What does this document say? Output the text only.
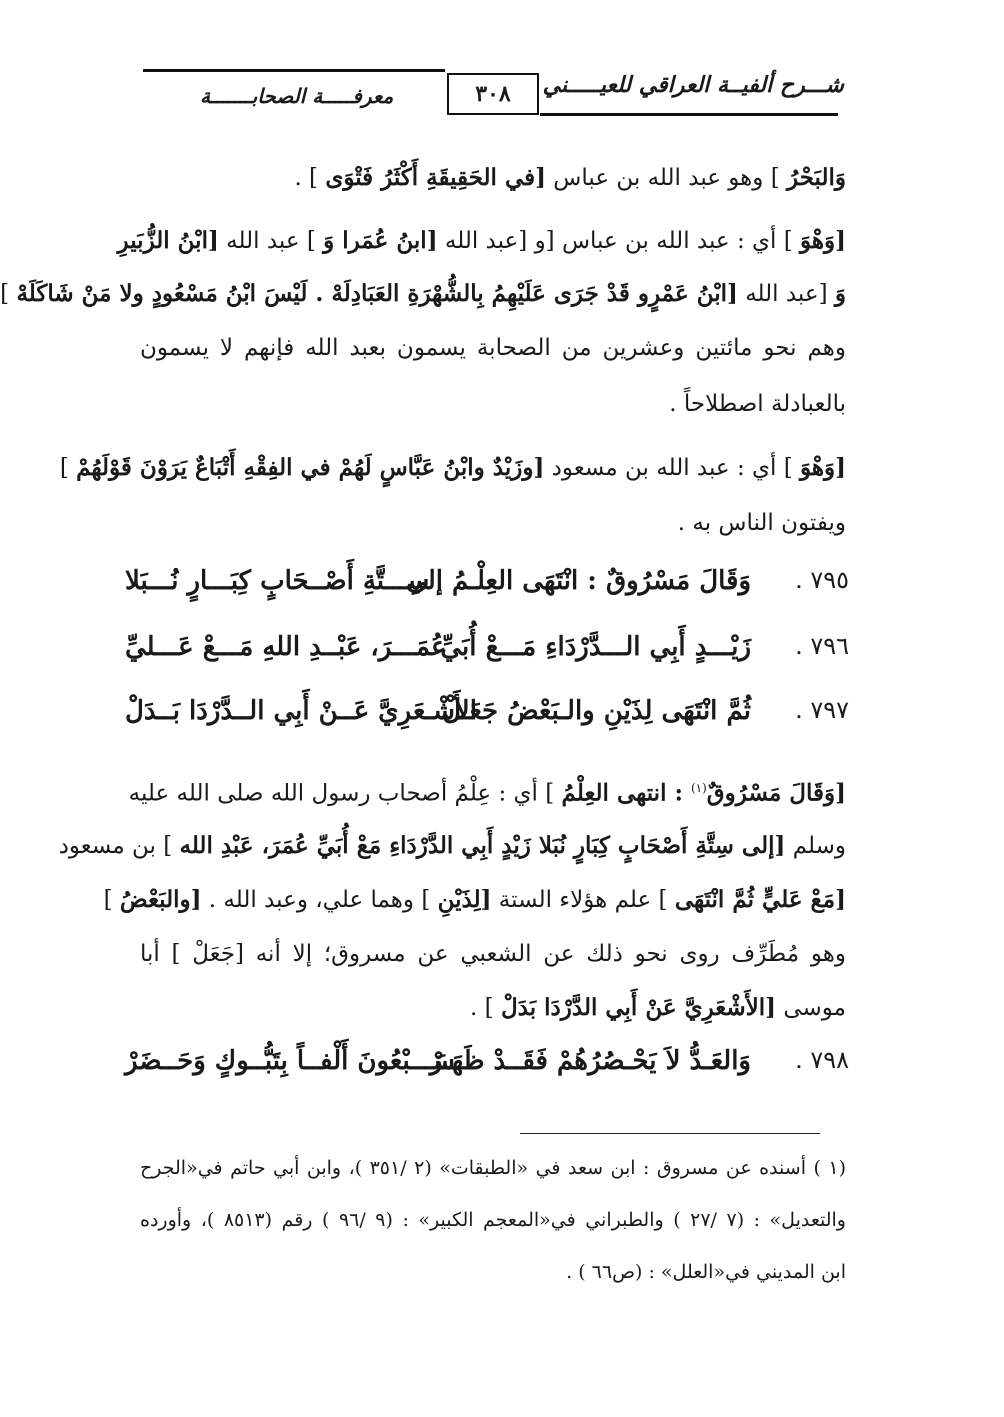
شـــرح ألفيــة العراقي للعيـــــني
٣٠٨
معرفـــــة الصحابـــــــة
وَالبَحْرُ ] وهو عبد الله بن عباس [في الحَقِيقَةِ أَكْثَرُ فَتْوَى ] .
[وَهْوَ ] أي : عبد الله بن عباس [و [عبد الله [ابنُ عُمَرا وَ ] عبد الله [ابْنُ الزُّبَيرِ
وَ [عبد الله [ابْنُ عَمْرٍو قَدْ جَرَى عَلَيْهِمُ بِالشُّهْرَةِ العَبَادِلَهْ . لَيْسَ ابْنُ مَسْعُودٍ ولا مَنْ شَاكَلَهْ ]
وهم نحو مائتين وعشرين من الصحابة يسمون بعبد الله فإنهم لا يسمون
بالعبادلة اصطلاحاً .
[وَهْوَ ] أي : عبد الله بن مسعود [وزَيْدٌ وابْنُ عَبَّاسٍ لَهُمْ في الفِقْهِ أَتْبَاعٌ يَرَوْنَ قَوْلَهُمْ ]
ويفتون الناس به .
٧٩٥ .
وَقَالَ مَسْرُوقٌ : انْتَهَى العِلْـمُ إلى
سِـــتَّةِ أَصْــحَابٍ كِبَـــارٍ نُـــبَلا
٧٩٦ .
زَيْـــدٍ أَبِي الـــدَّرْدَاءِ مَـــعْ أُبَيِّ
عُمَـــرَ، عَبْــدِ اللهِ مَـــعْ عَـــليِّ
٧٩٧ .
ثُمَّ انْتَهَى لِذَيْنِ والـبَعْضُ جَعَـلْ
الأَشْـعَرِيَّ عَــنْ أَبِي الــدَّرْدَا بَــدَلْ
[وَقَالَ مَسْرُوقٌ$^{(١)}$ : انتهى العِلْمُ ] أي : عِلْمُ أصحاب رسول الله صلى الله عليه
وسلم [إلى سِتَّةِ أَصْحَابٍ كِبَارٍ نُبَلا زَيْدٍ أَبِي الدَّرْدَاءِ مَعْ أُبَيِّ عُمَرَ، عَبْدِ الله ] بن مسعود
[مَعْ عَليٍّ ثُمَّ انْتَهَى ] علم هؤلاء الستة [لِذَيْنِ ] وهما علي، وعبد الله . [والبَعْضُ ]
وهو مُطَرِّف روى نحو ذلك عن الشعبي عن مسروق؛ إلا أنه [جَعَلْ ] أبا
موسى [الأَشْعَرِيَّ عَنْ أَبِي الدَّرْدَا بَدَلْ ] .
٧٩٨ .
وَالعَـدُّ لاَ يَحْـصُرُهُمْ فَقَــدْ ظَهَـرْ
سَـــبْعُونَ أَلْفــاً بِتَبُّــوكٍ وَحَــضَرْ
(١ ) أسنده عن مسروق : ابن سعد في «الطبقات» (٢ /٣٥١ )، وابن أبي حاتم في«الجرح
والتعديل» : (٧ /٢٧ ) والطبراني في«المعجم الكبير» : (٩ /٩٦ ) رقم (٨٥١٣ )، وأورده
ابن المديني في«العلل» : (ص٦٦ ) .
